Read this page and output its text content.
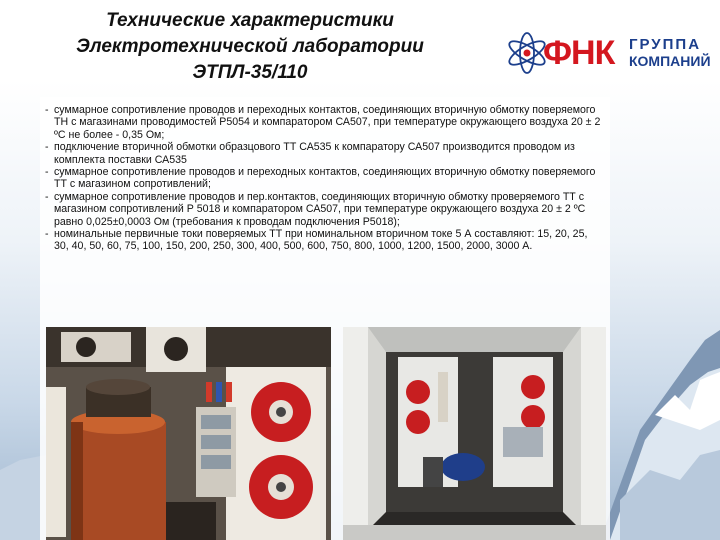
Технические характеристики
Электротехнической лаборатории
ЭТПЛ-35/110
ФНК ГРУППА
КОМПАНИЙ
- суммарное сопротивление проводов и переходных контактов, соединяющих вторичную обмотку поверяемого ТН с магазинами проводимостей Р5054 и компаратором СА507, при температуре окружающего воздуха 20 ± 2 ºС не более - 0,35 Ом;
- подключение вторичной обмотки образцового ТТ СА535 к компаратору СА507 производится проводом из комплекта поставки СА535
- суммарное сопротивление проводов и переходных контактов, соединяющих вторичную обмотку поверяемого ТТ с магазином сопротивлений;
- суммарное сопротивление проводов и пер.контактов, соединяющих вторичную обмотку проверяемого ТТ с магазином сопротивлений Р 5018 и компаратором СА507, при температуре окружающего воздуха 20 ± 2 ºС равно 0,025±0,0003 Ом (требования к проводам подключения Р5018);
- номинальные первичные токи поверяемых ТТ при номинальном вторичном токе 5 А составляют: 15, 20, 25, 30, 40, 50, 60, 75, 100, 150, 200, 250, 300, 400, 500, 600, 750, 800, 1000, 1200, 1500, 2000, 3000 А.
